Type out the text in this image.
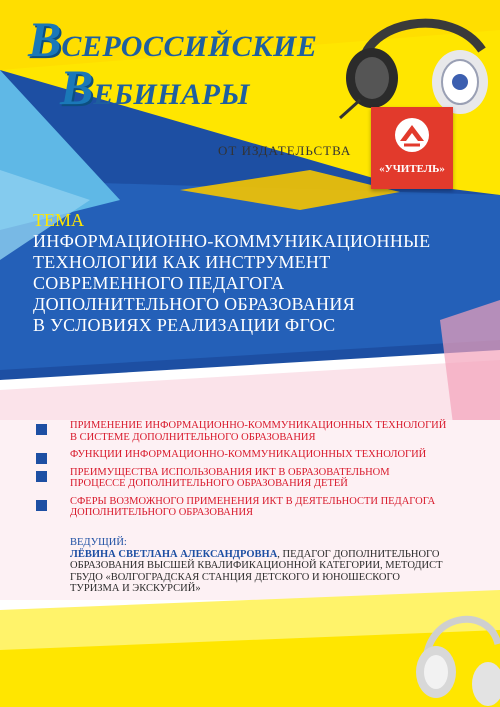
ВСЕРОССИЙСКИЕ
ВЕБИНАРЫ
ОТ ИЗДАТЕЛЬСТВА
«УЧИТЕЛЬ»
ТЕМА
ИНФОРМАЦИОННО-КОММУНИКАЦИОННЫЕ
ТЕХНОЛОГИИ КАК ИНСТРУМЕНТ
СОВРЕМЕННОГО ПЕДАГОГА
ДОПОЛНИТЕЛЬНОГО ОБРАЗОВАНИЯ
В УСЛОВИЯХ РЕАЛИЗАЦИИ ФГОС
ПРИМЕНЕНИЕ ИНФОРМАЦИОННО-КОММУНИКАЦИОННЫХ ТЕХНОЛОГИЙ
В СИСТЕМЕ ДОПОЛНИТЕЛЬНОГО ОБРАЗОВАНИЯ
ФУНКЦИИ ИНФОРМАЦИОННО-КОММУНИКАЦИОННЫХ ТЕХНОЛОГИЙ
ПРЕИМУЩЕСТВА ИСПОЛЬЗОВАНИЯ ИКТ В ОБРАЗОВАТЕЛЬНОМ
ПРОЦЕССЕ ДОПОЛНИТЕЛЬНОГО ОБРАЗОВАНИЯ ДЕТЕЙ
СФЕРЫ ВОЗМОЖНОГО ПРИМЕНЕНИЯ ИКТ В ДЕЯТЕЛЬНОСТИ ПЕДАГОГА
ДОПОЛНИТЕЛЬНОГО ОБРАЗОВАНИЯ
ВЕДУЩИЙ:
ЛЁВИНА СВЕТЛАНА АЛЕКСАНДРОВНА, ПЕДАГОГ ДОПОЛНИТЕЛЬНОГО
ОБРАЗОВАНИЯ ВЫСШЕЙ КВАЛИФИКАЦИОННОЙ КАТЕГОРИИ, МЕТОДИСТ
ГБУДО «ВОЛГОГРАДСКАЯ СТАНЦИЯ ДЕТСКОГО И ЮНОШЕСКОГО
ТУРИЗМА И ЭКСКУРСИЙ»
